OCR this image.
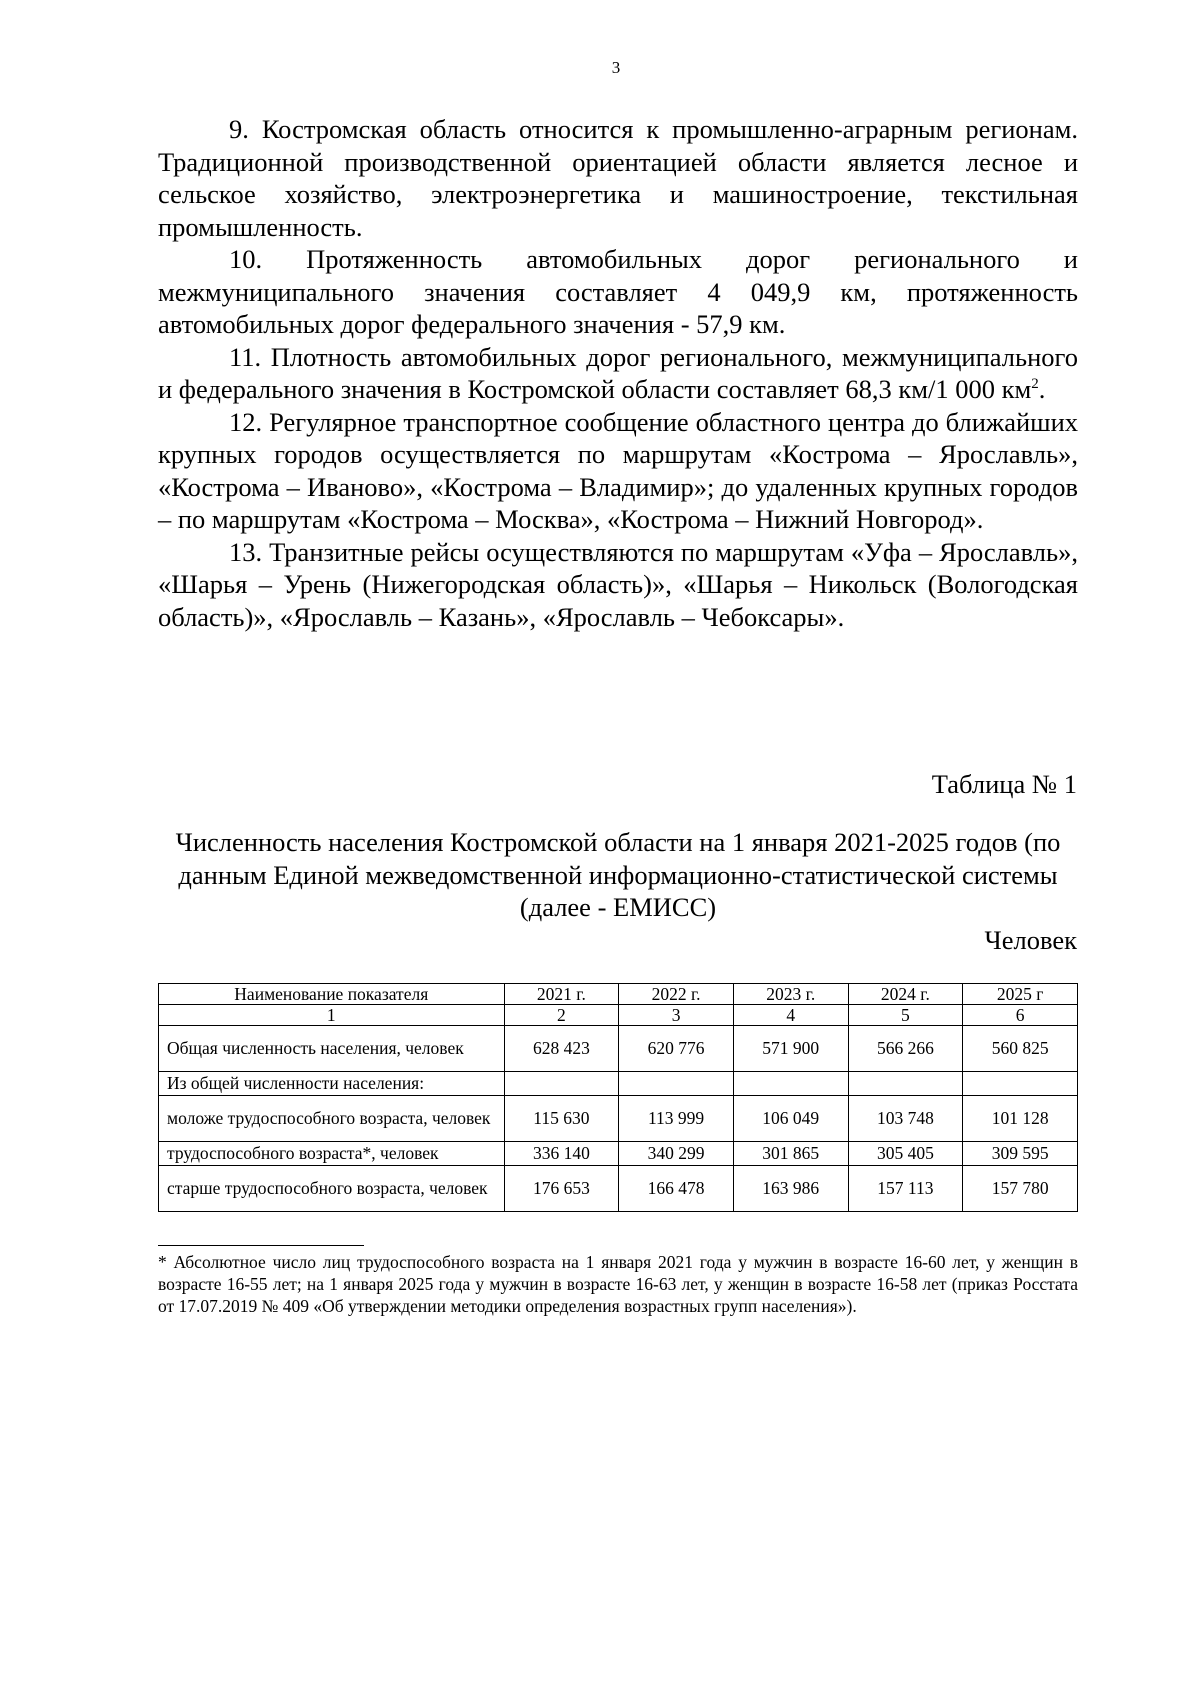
3

9. Костромская область относится к промышленно-аграрным регионам. Традиционной производственной ориентацией области является лесное и сельское хозяйство, электроэнергетика и машиностроение, текстильная промышленность.

10. Протяженность автомобильных дорог регионального и межмуниципального значения составляет 4 049,9 км, протяженность автомобильных дорог федерального значения - 57,9 км.

11. Плотность автомобильных дорог регионального, межмуниципального и федерального значения в Костромской области составляет 68,3 км/1 000 $км^2$.

12. Регулярное транспортное сообщение областного центра до ближайших крупных городов осуществляется по маршрутам «Кострома – Ярославль», «Кострома – Иваново», «Кострома – Владимир»; до удаленных крупных городов – по маршрутам «Кострома – Москва», «Кострома – Нижний Новгород».

13. Транзитные рейсы осуществляются по маршрутам «Уфа – Ярославль», «Шарья – Урень (Нижегородская область)», «Шарья – Никольск (Вологодская область)», «Ярославль – Казань», «Ярославль – Чебоксары».

Таблица № 1
Численность населения Костромской области на 1 января 2021-2025 годов (по данным Единой межведомственной информационно-статистической системы (далее - ЕМИСС)
Человек
Наименование показателя	2021 г.	2022 г.	2023 г.	2024 г.	2025 г
1	2	3	4	5	6
Общая численность населения, человек	628 423	620 776	571 900	566 266	560 825
Из общей численности населения:					
моложе трудоспособного возраста, человек	115 630	113 999	106 049	103 748	101 128
трудоспособного возраста*, человек	336 140	340 299	301 865	305 405	309 595
старше трудоспособного возраста, человек	176 653	166 478	163 986	157 113	157 780

* Абсолютное число лиц трудоспособного возраста на 1 января 2021 года у мужчин в возрасте 16-60 лет, у женщин в возрасте 16-55 лет; на 1 января 2025 года у мужчин в возрасте 16-63 лет, у женщин в возрасте 16-58 лет (приказ Росстата от 17.07.2019 № 409 «Об утверждении методики определения возрастных групп населения»).
